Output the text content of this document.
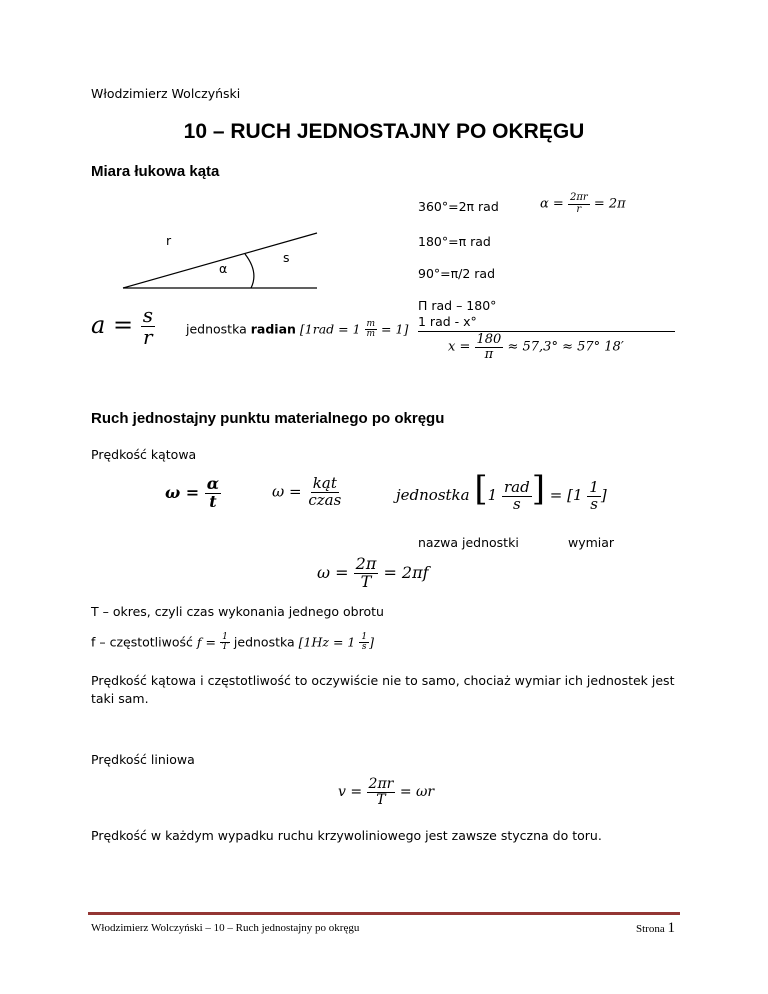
Włodzimierz Wolczyński
10 – RUCH JEDNOSTAJNY PO OKRĘGU
Miara łukowa kąta
r
s
α
$a = \frac{s}{r}$ jednostka radian $[1rad = 1 \frac{m}{m} = 1]$
360°=2π rad
180°=π rad
90°=π/2 rad
$\alpha = \frac{2\pi r}{r} = 2\pi$
Π rad – 180°
1 rad - x°
$x = \frac{180}{\pi} \approx 57,3^\circ \approx 57^\circ$ 18′
Ruch jednostajny punktu materialnego po okręgu
Prędkość kątowa
$\omega = \frac{\alpha}{t}$	$\omega = \frac{\text{kąt}}{\text{czas}}$	jednostka [$1 \frac{\text{rad}}{s}$ ] = [$1 \frac{1}{s}$ ]
nazwa jednostki	wymiar
$\omega = \frac{2\pi}{T} = 2\pi f$
T – okres, czyli czas wykonania jednego obrotu
f – częstotliwość $f = \frac{1}{T}$ jednostka [$1Hz = 1 \frac{1}{s}$ ]
Prędkość kątowa i częstotliwość to oczywiście nie to samo, chociaż wymiar ich jednostek jest taki sam.
Prędkość liniowa
$v = \frac{2\pi r}{T} = \omega r$
Prędkość w każdym wypadku ruchu krzywoliniowego jest zawsze styczna do toru.
Włodzimierz Wolczyński – 10 – Ruch jednostajny po okręgu	Strona 1
